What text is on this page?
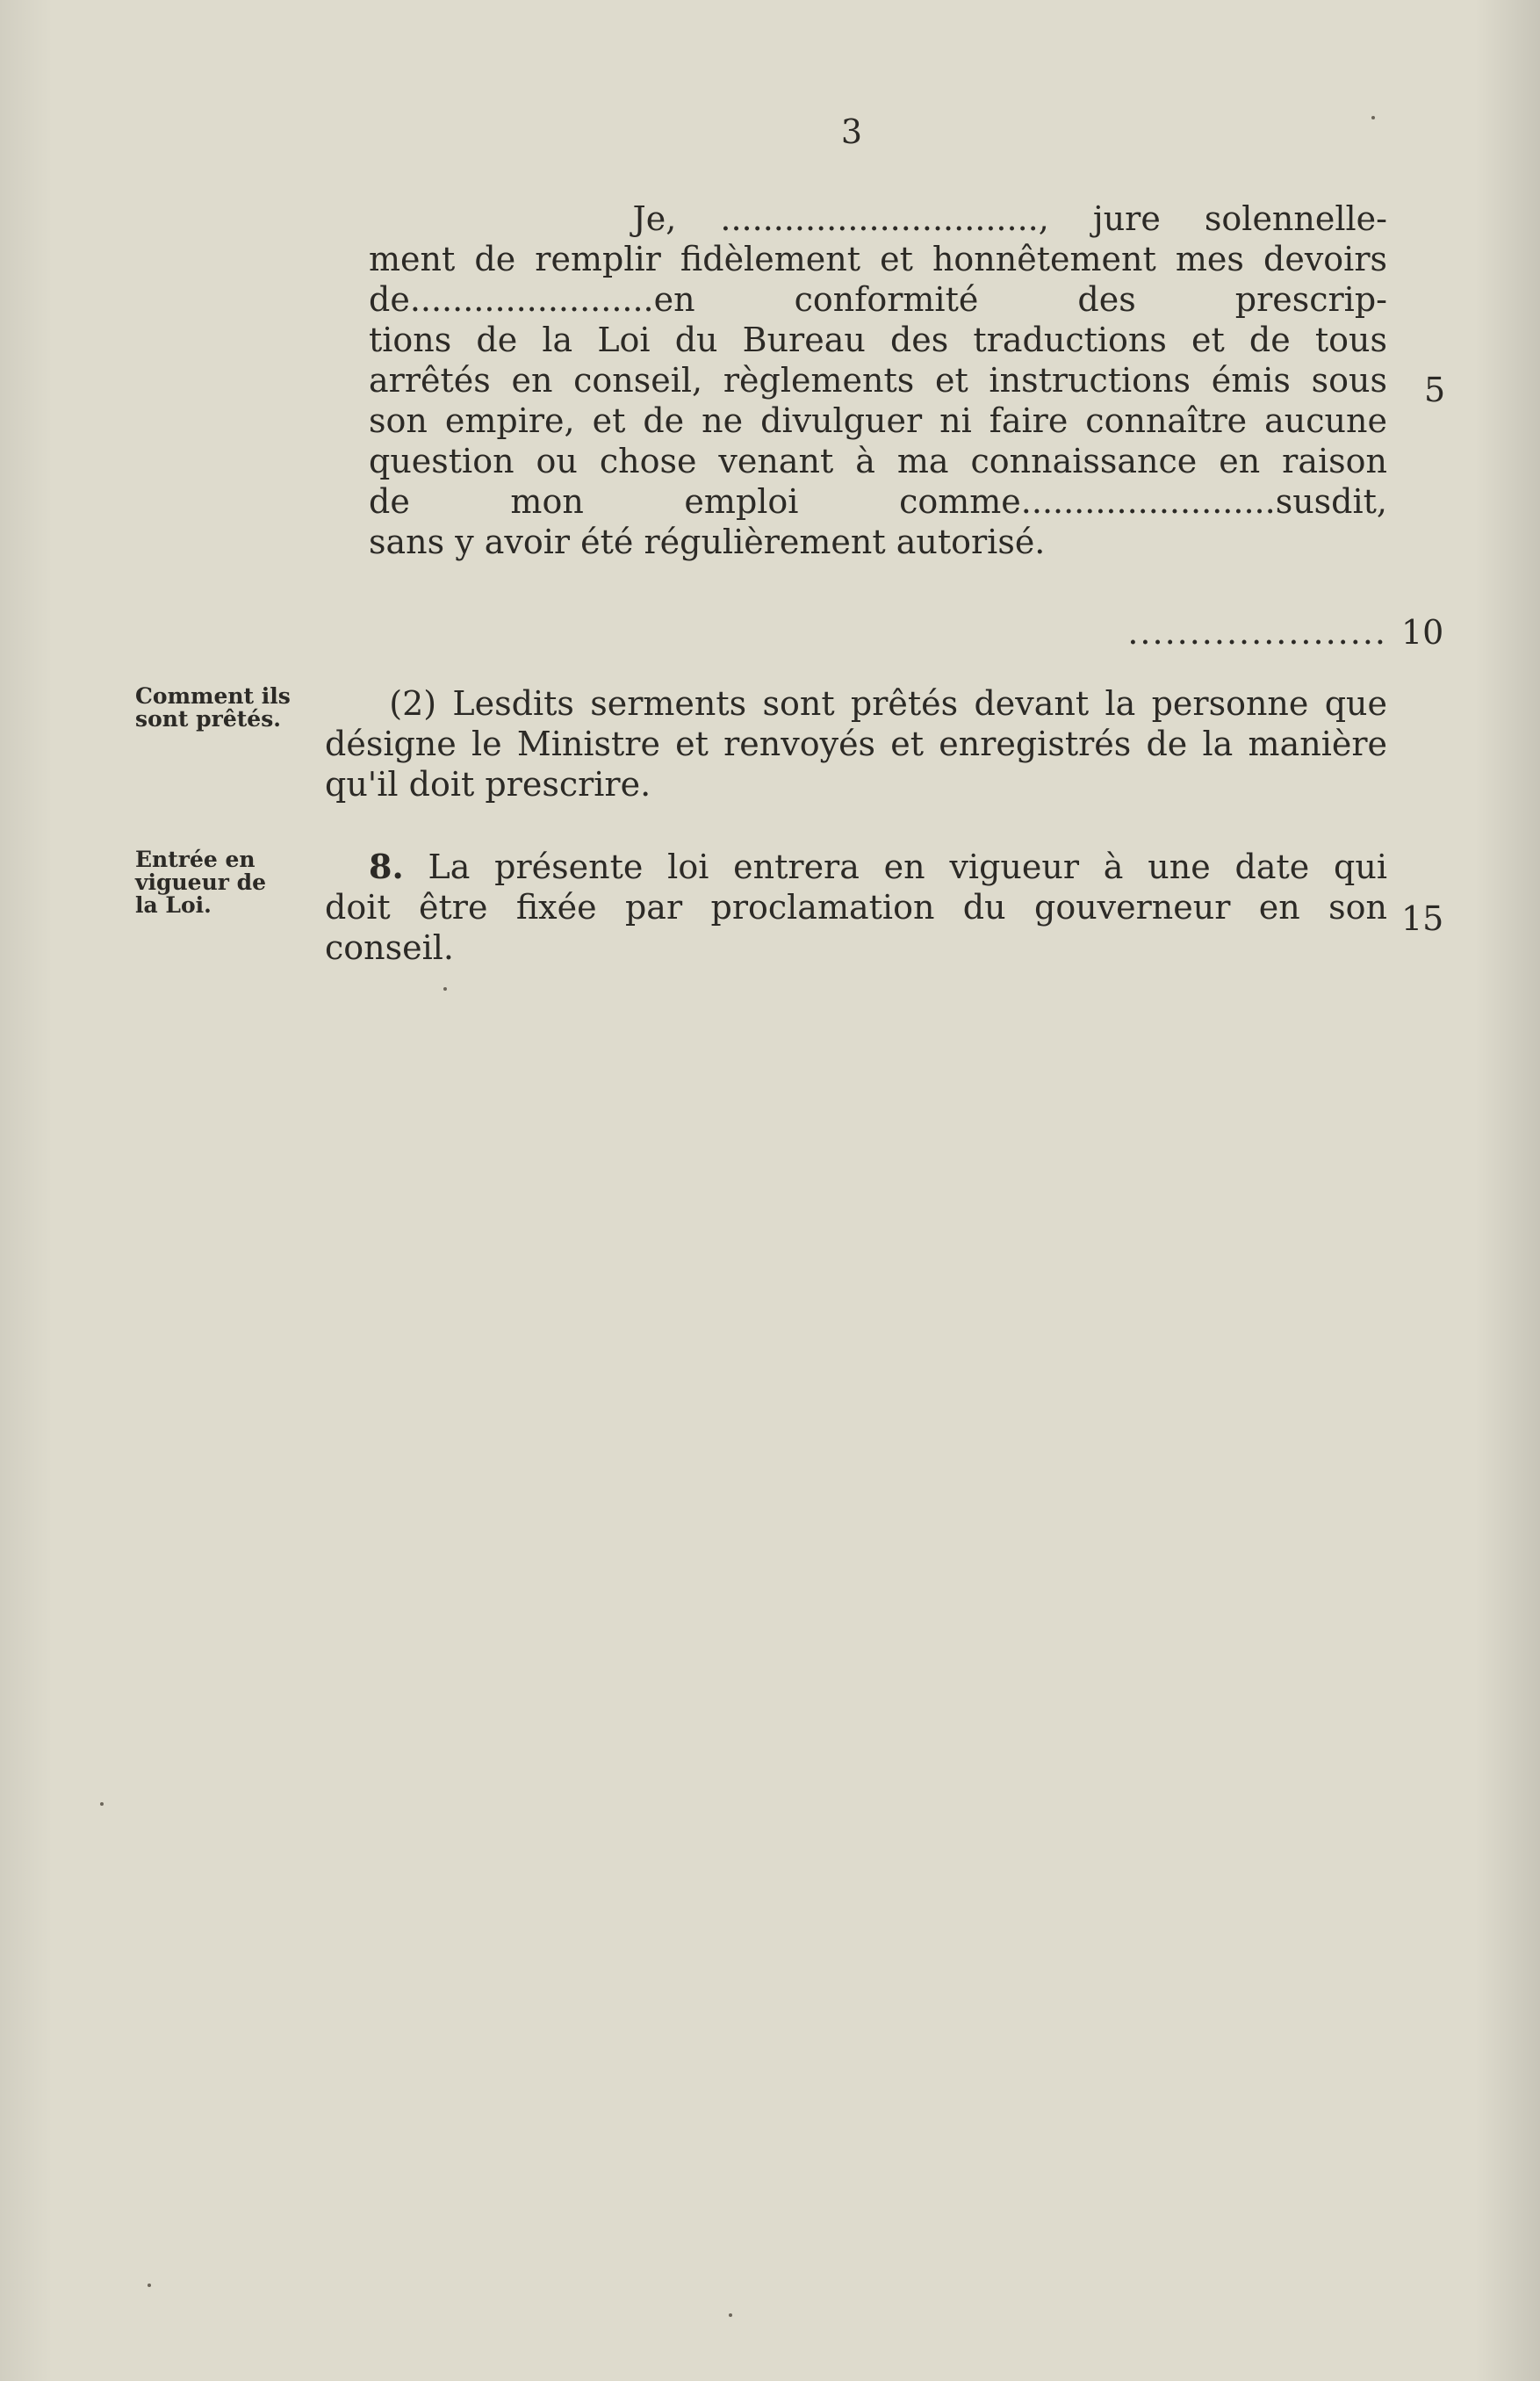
3
Je, .............................., jure solennelle-
ment de remplir fidèlement et honnêtement mes devoirs
de.......................en conformité des prescrip-
tions de la Loi du Bureau des traductions et de tous
arrêtés en conseil, règlements et instructions émis sous
son empire, et de ne divulguer ni faire connaître aucune
question ou chose venant à ma connaissance en raison
de mon emploi comme........................susdit,
sans y avoir été régulièrement autorisé.
.....................
5
10
15
Comment ils
sont prêtés.
Entrée en
vigueur de
la Loi.
(2) Lesdits serments sont prêtés devant la personne que
désigne le Ministre et renvoyés et enregistrés de la manière
qu'il doit prescrire.
8. La présente loi entrera en vigueur à une date qui
doit être fixée par proclamation du gouverneur en son
conseil.
